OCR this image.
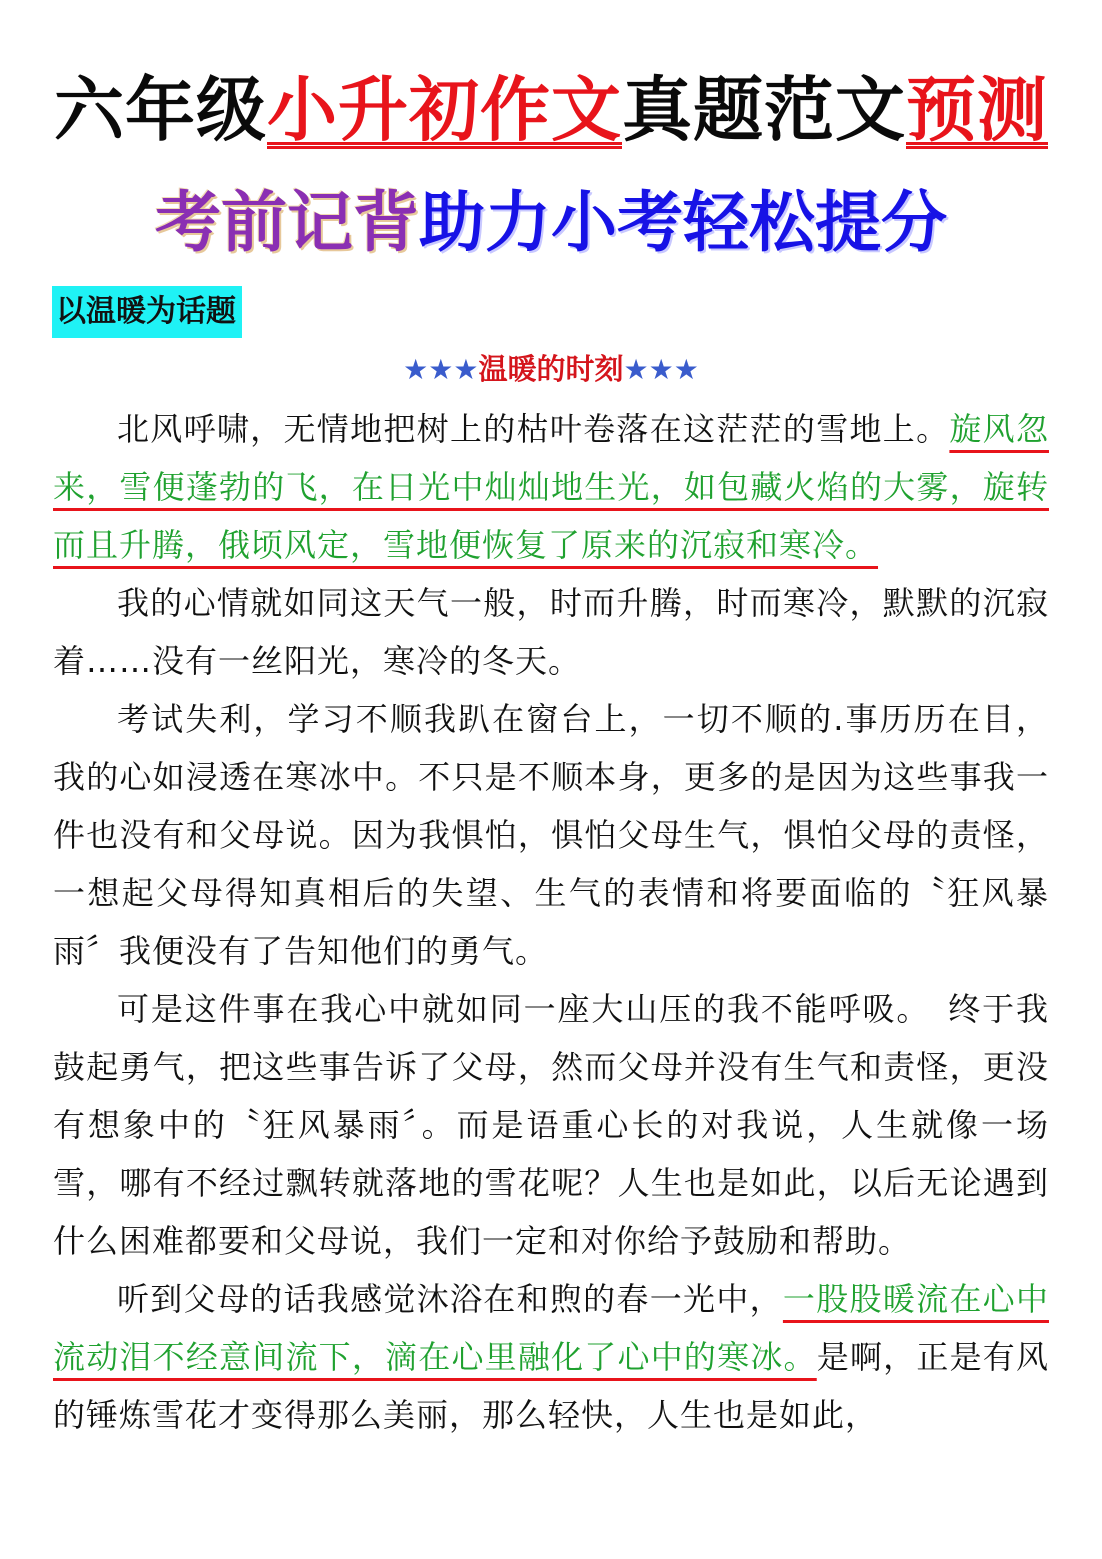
六年级小升初作文真题范文预测
考前记背助力小考轻松提分
以温暖为话题
★★★温暖的时刻★★★

北风呼啸，无情地把树上的枯叶卷落在这茫茫的雪地上。旋风忽来，雪便蓬勃的飞，在日光中灿灿地生光，如包藏火焰的大雾，旋转而且升腾，俄顷风定，雪地便恢复了原来的沉寂和寒冷。

我的心情就如同这天气一般，时而升腾，时而寒冷，默默的沉寂着……没有一丝阳光，寒冷的冬天。

考试失利，学习不顺我趴在窗台上，一切不顺的.事历历在目，我的心如浸透在寒冰中。不只是不顺本身，更多的是因为这些事我一件也没有和父母说。因为我惧怕，惧怕父母生气，惧怕父母的责怪，一想起父母得知真相后的失望、生气的表情和将要面临的〝狂风暴雨〞我便没有了告知他们的勇气。

可是这件事在我心中就如同一座大山压的我不能呼吸。　终于我鼓起勇气，把这些事告诉了父母，然而父母并没有生气和责怪，更没有想象中的〝狂风暴雨〞。而是语重心长的对我说，人生就像一场雪，哪有不经过飘转就落地的雪花呢？人生也是如此，以后无论遇到什么困难都要和父母说，我们一定和对你给予鼓励和帮助。

听到父母的话我感觉沐浴在和煦的春一光中，一股股暖流在心中流动泪不经意间流下，滴在心里融化了心中的寒冰。是啊，正是有风的锤炼雪花才变得那么美丽，那么轻快，人生也是如此，
